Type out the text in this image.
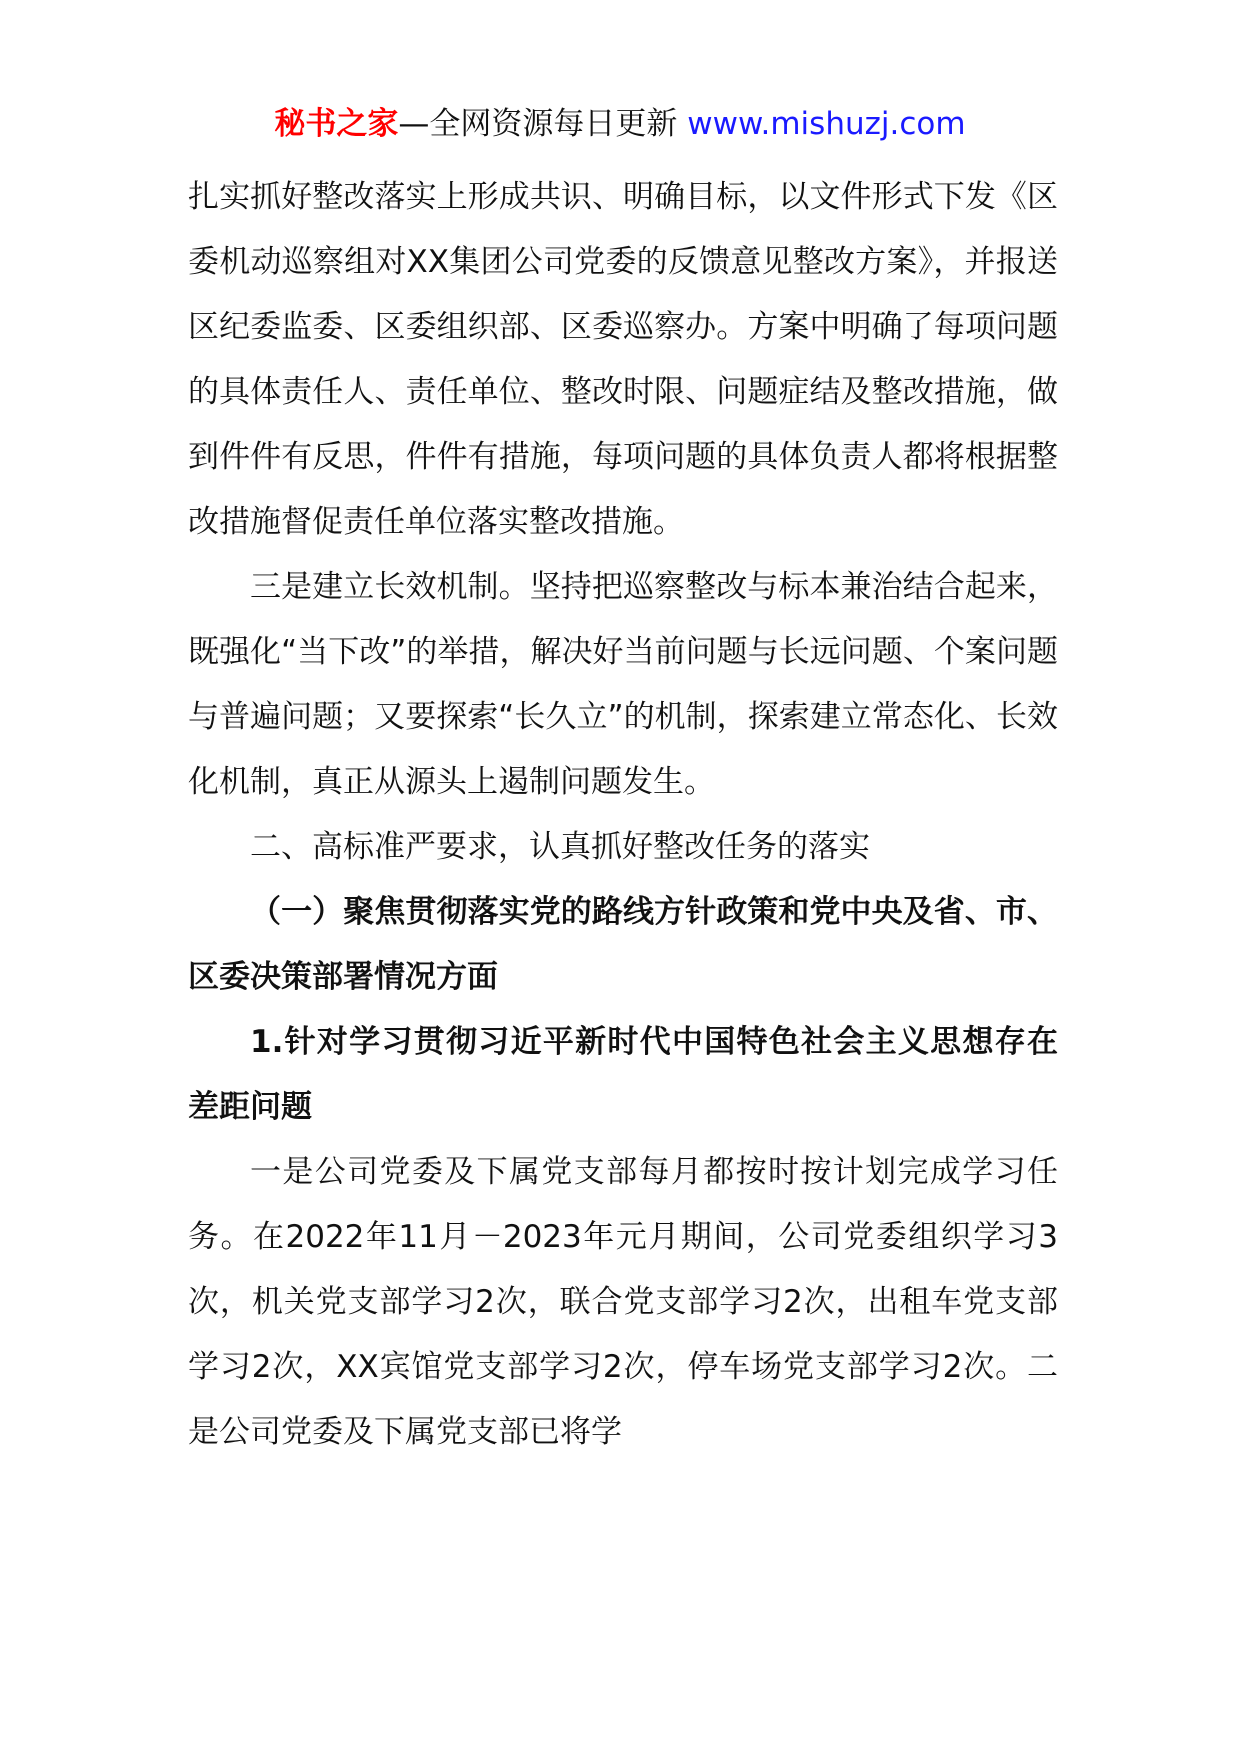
秘书之家—全网资源每日更新 www.mishuzj.com

扎实抓好整改落实上形成共识、明确目标，以文件形式下发《区委机动巡察组对XX集团公司党委的反馈意见整改方案》，并报送区纪委监委、区委组织部、区委巡察办。方案中明确了每项问题的具体责任人、责任单位、整改时限、问题症结及整改措施，做到件件有反思，件件有措施，每项问题的具体负责人都将根据整改措施督促责任单位落实整改措施。

三是建立长效机制。坚持把巡察整改与标本兼治结合起来，既强化“当下改”的举措，解决好当前问题与长远问题、个案问题与普遍问题；又要探索“长久立”的机制，探索建立常态化、长效化机制，真正从源头上遏制问题发生。

二、高标准严要求，认真抓好整改任务的落实

（一）聚焦贯彻落实党的路线方针政策和党中央及省、市、区委决策部署情况方面

1.针对学习贯彻习近平新时代中国特色社会主义思想存在差距问题

一是公司党委及下属党支部每月都按时按计划完成学习任务。在2022年11月－2023年元月期间，公司党委组织学习3次，机关党支部学习2次，联合党支部学习2次，出租车党支部学习2次，XX宾馆党支部学习2次，停车场党支部学习2次。二是公司党委及下属党支部已将学
